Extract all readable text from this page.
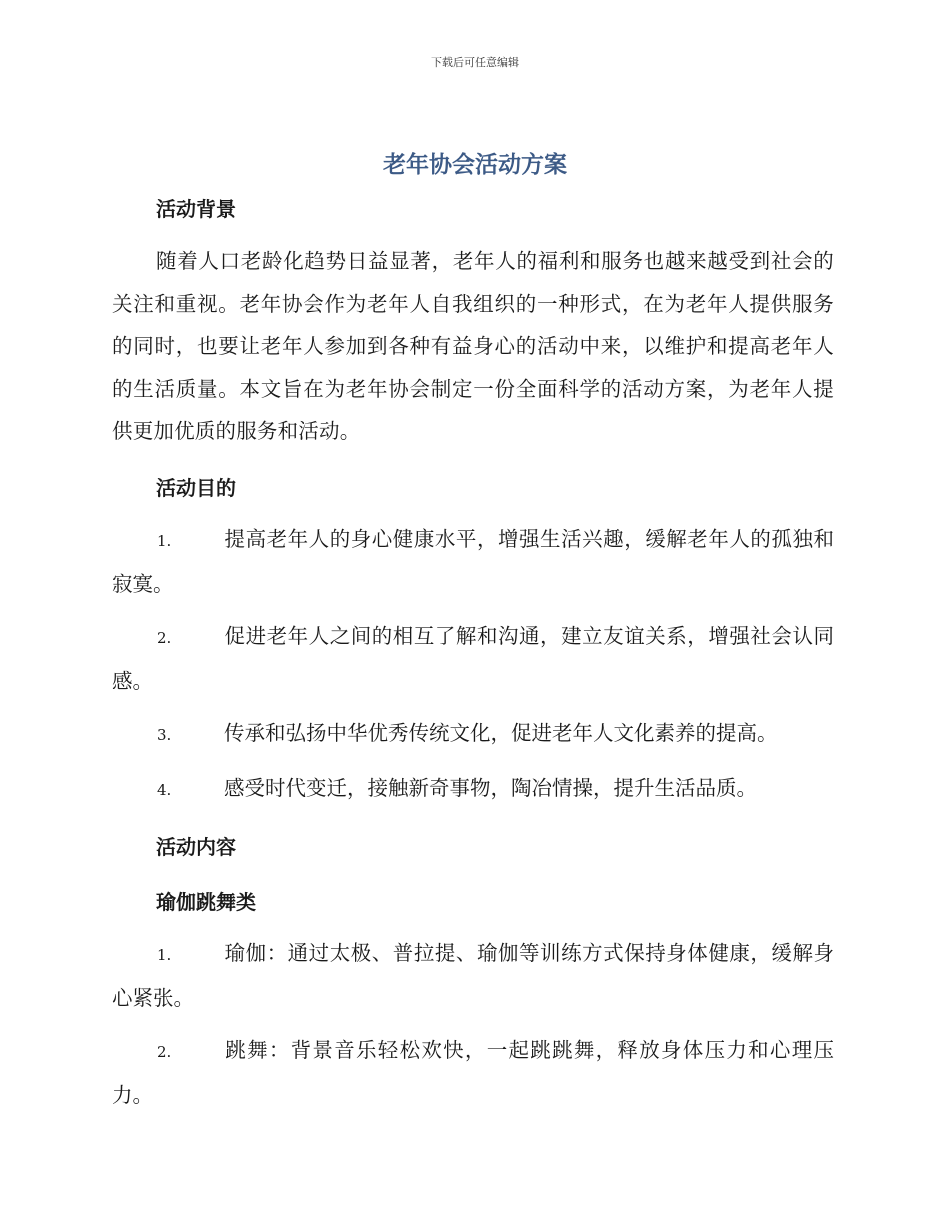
下载后可任意编辑
老年协会活动方案
活动背景
随着人口老龄化趋势日益显著，老年人的福利和服务也越来越受到社会的关注和重视。老年协会作为老年人自我组织的一种形式，在为老年人提供服务的同时，也要让老年人参加到各种有益身心的活动中来，以维护和提高老年人的生活质量。本文旨在为老年协会制定一份全面科学的活动方案，为老年人提供更加优质的服务和活动。
活动目的
1.	提高老年人的身心健康水平，增强生活兴趣，缓解老年人的孤独和寂寞。
2.	促进老年人之间的相互了解和沟通，建立友谊关系，增强社会认同感。
3.	传承和弘扬中华优秀传统文化，促进老年人文化素养的提高。
4.	感受时代变迁，接触新奇事物，陶冶情操，提升生活品质。
活动内容
瑜伽跳舞类
1.	瑜伽：通过太极、普拉提、瑜伽等训练方式保持身体健康，缓解身心紧张。
2.	跳舞：背景音乐轻松欢快，一起跳跳舞，释放身体压力和心理压力。
